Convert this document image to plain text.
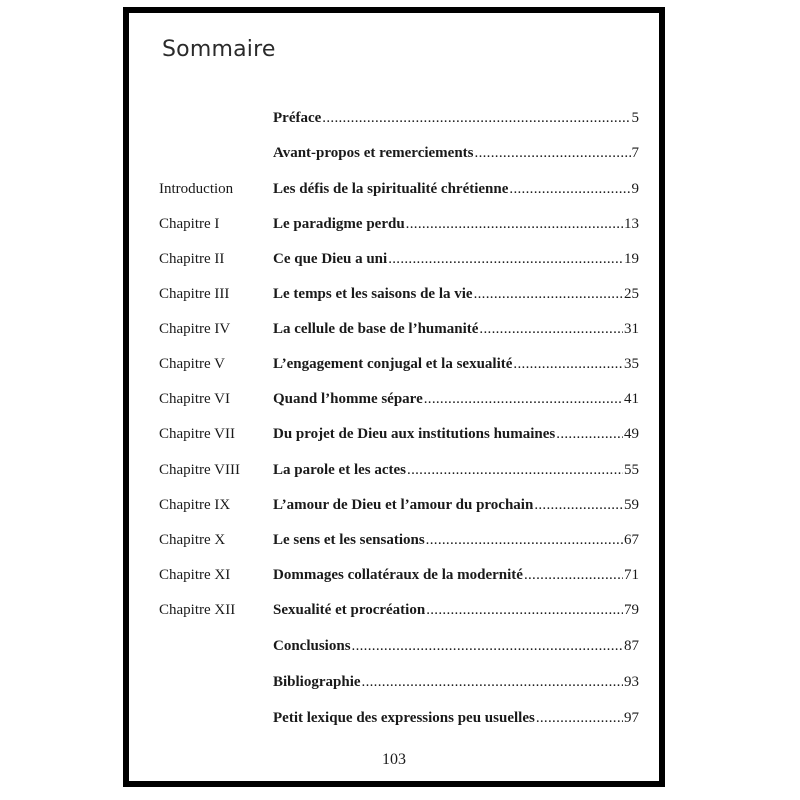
Sommaire
Préface .....	5
Avant-propos et remerciements .....	7
Introduction	Les défis de la spiritualité chrétienne .....	9
Chapitre I	Le paradigme perdu .....	13
Chapitre II	Ce que Dieu a uni .....	19
Chapitre III	Le temps et les saisons de la vie .....	25
Chapitre IV	La cellule de base de l’humanité .....	31
Chapitre V	L’engagement conjugal et la sexualité .....	35
Chapitre VI	Quand l’homme sépare .....	41
Chapitre VII	Du projet de Dieu aux institutions humaines .....	49
Chapitre VIII	La parole et les actes .....	55
Chapitre IX	L’amour de Dieu et l’amour du prochain .....	59
Chapitre X	Le sens et les sensations .....	67
Chapitre XI	Dommages collatéraux de la modernité .....	71
Chapitre XII	Sexualité et procréation .....	79
Conclusions .....	87
Bibliographie .....	93
Petit lexique des expressions peu usuelles .....	97
103
